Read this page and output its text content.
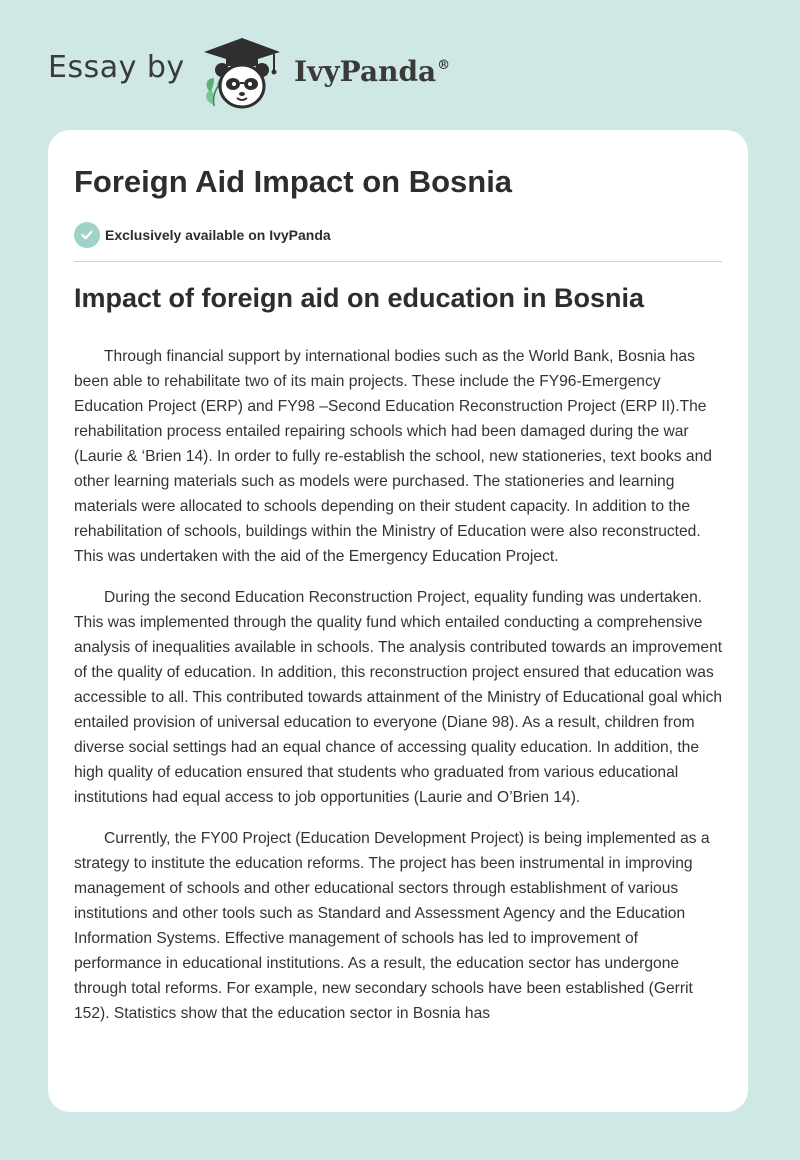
Essay by	IvyPanda®
Foreign Aid Impact on Bosnia
Exclusively available on IvyPanda
Impact of foreign aid on education in Bosnia

Through financial support by international bodies such as the World Bank, Bosnia has been able to rehabilitate two of its main projects. These include the FY96-Emergency Education Project (ERP) and FY98 –Second Education Reconstruction Project (ERP II).The rehabilitation process entailed repairing schools which had been damaged during the war (Laurie & ‘Brien 14). In order to fully re-establish the school, new stationeries, text books and other learning materials such as models were purchased. The stationeries and learning materials were allocated to schools depending on their student capacity. In addition to the rehabilitation of schools, buildings within the Ministry of Education were also reconstructed. This was undertaken with the aid of the Emergency Education Project.

During the second Education Reconstruction Project, equality funding was undertaken. This was implemented through the quality fund which entailed conducting a comprehensive analysis of inequalities available in schools. The analysis contributed towards an improvement of the quality of education. In addition, this reconstruction project ensured that education was accessible to all. This contributed towards attainment of the Ministry of Educational goal which entailed provision of universal education to everyone (Diane 98). As a result, children from diverse social settings had an equal chance of accessing quality education. In addition, the high quality of education ensured that students who graduated from various educational institutions had equal access to job opportunities (Laurie and O’Brien 14).

Currently, the FY00 Project (Education Development Project) is being implemented as a strategy to institute the education reforms. The project has been instrumental in improving management of schools and other educational sectors through establishment of various institutions and other tools such as Standard and Assessment Agency and the Education Information Systems. Effective management of schools has led to improvement of performance in educational institutions. As a result, the education sector has undergone through total reforms. For example, new secondary schools have been established (Gerrit 152). Statistics show that the education sector in Bosnia has
